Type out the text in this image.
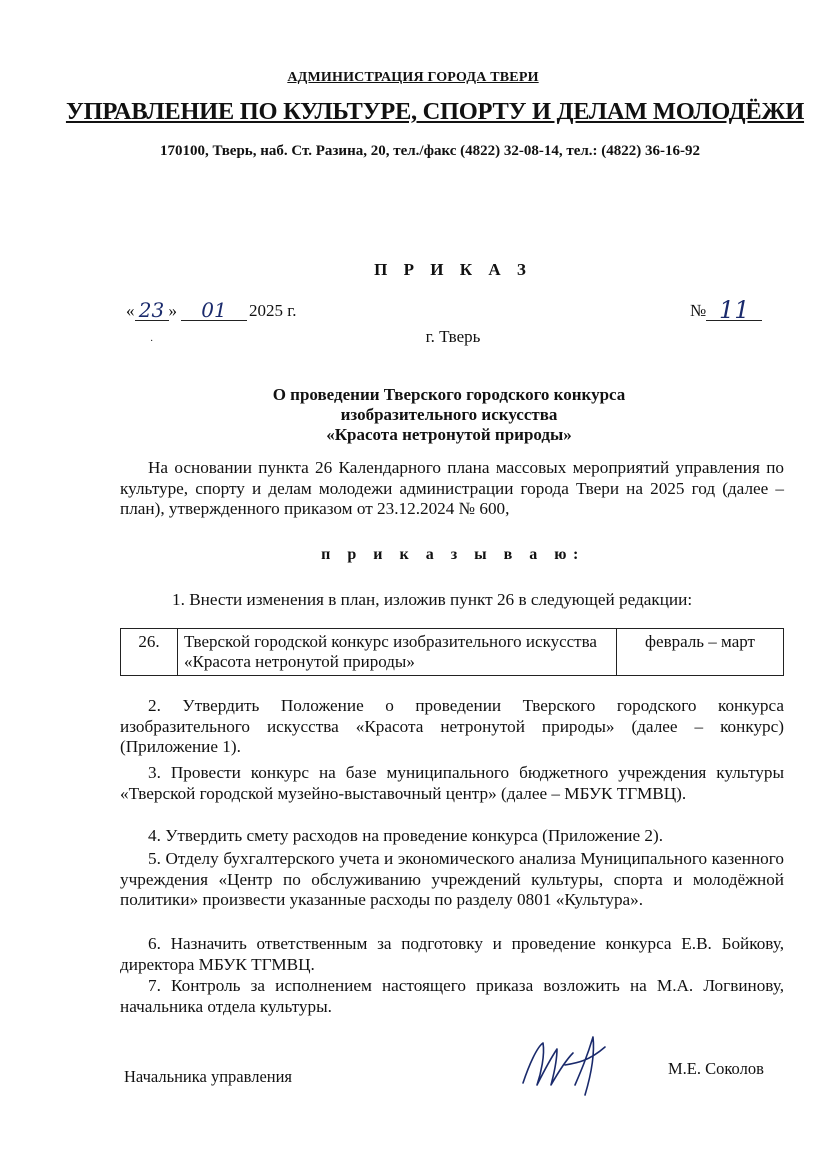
АДМИНИСТРАЦИЯ ГОРОДА ТВЕРИ
УПРАВЛЕНИЕ ПО КУЛЬТУРЕ, СПОРТУ И ДЕЛАМ МОЛОДЁЖИ
170100, Тверь, наб. Ст. Разина, 20, тел./факс (4822) 32-08-14, тел.: (4822) 36-16-92
П Р И К А З
« 23 »	01	2025 г.	№ 11
·	г. Тверь
О проведении Тверского городского конкурса
изобразительного искусства
«Красота нетронутой природы»
На основании пункта 26 Календарного плана массовых мероприятий управления по культуре, спорту и делам молодежи администрации города Твери на 2025 год (далее – план), утвержденного приказом от 23.12.2024 № 600,
п р и к а з ы в а ю:
1. Внести изменения в план, изложив пункт 26 в следующей редакции:
26.	Тверской городской конкурс изобразительного искусства «Красота нетронутой природы»	февраль – март
2. Утвердить Положение о проведении Тверского городского конкурса изобразительного искусства «Красота нетронутой природы» (далее – конкурс) (Приложение 1).
3. Провести конкурс на базе муниципального бюджетного учреждения культуры «Тверской городской музейно-выставочный центр» (далее – МБУК ТГМВЦ).
4. Утвердить смету расходов на проведение конкурса (Приложение 2).
5. Отделу бухгалтерского учета и экономического анализа Муниципального казенного учреждения «Центр по обслуживанию учреждений культуры, спорта и молодёжной политики» произвести указанные расходы по разделу 0801 «Культура».
6. Назначить ответственным за подготовку и проведение конкурса Е.В. Бойкову, директора МБУК ТГМВЦ.
7. Контроль за исполнением настоящего приказа возложить на М.А. Логвинову, начальника отдела культуры.
Начальника управления	М.Е. Соколов
